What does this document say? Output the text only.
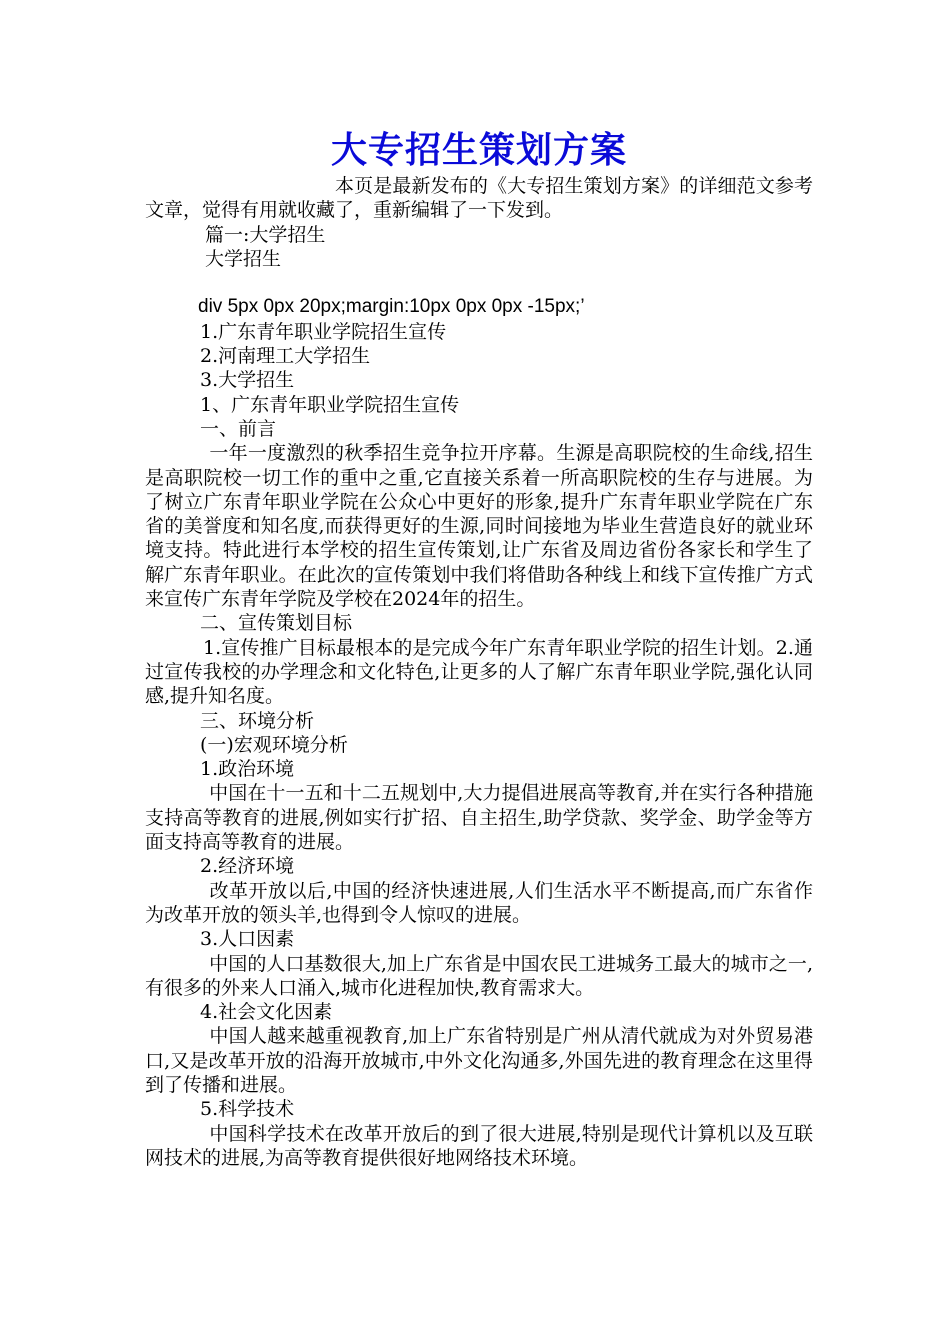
大专招生策划方案

本页是最新发布的《大专招生策划方案》的详细范文参考文章，觉得有用就收藏了，重新编辑了一下发到。

篇一:大学招生

大学招生

div 5px 0px 20px;margin:10px 0px 0px -15px;’

1.广东青年职业学院招生宣传

2.河南理工大学招生

3.大学招生

1、广东青年职业学院招生宣传

一、前言

一年一度激烈的秋季招生竞争拉开序幕。生源是高职院校的生命线,招生是高职院校一切工作的重中之重,它直接关系着一所高职院校的生存与进展。为了树立广东青年职业学院在公众心中更好的形象,提升广东青年职业学院在广东省的美誉度和知名度,而获得更好的生源,同时间接地为毕业生营造良好的就业环境支持。特此进行本学校的招生宣传策划,让广东省及周边省份各家长和学生了解广东青年职业。在此次的宣传策划中我们将借助各种线上和线下宣传推广方式来宣传广东青年学院及学校在2024年的招生。

二、宣传策划目标

1.宣传推广目标最根本的是完成今年广东青年职业学院的招生计划。2.通过宣传我校的办学理念和文化特色,让更多的人了解广东青年职业学院,强化认同感,提升知名度。

三、环境分析

(一)宏观环境分析

1.政治环境

中国在十一五和十二五规划中,大力提倡进展高等教育,并在实行各种措施支持高等教育的进展,例如实行扩招、自主招生,助学贷款、奖学金、助学金等方面支持高等教育的进展。

2.经济环境

改革开放以后,中国的经济快速进展,人们生活水平不断提高,而广东省作为改革开放的领头羊,也得到令人惊叹的进展。

3.人口因素

中国的人口基数很大,加上广东省是中国农民工进城务工最大的城市之一,有很多的外来人口涌入,城市化进程加快,教育需求大。

4.社会文化因素

中国人越来越重视教育,加上广东省特别是广州从清代就成为对外贸易港口,又是改革开放的沿海开放城市,中外文化沟通多,外国先进的教育理念在这里得到了传播和进展。

5.科学技术

中国科学技术在改革开放后的到了很大进展,特别是现代计算机以及互联网技术的进展,为高等教育提供很好地网络技术环境。
